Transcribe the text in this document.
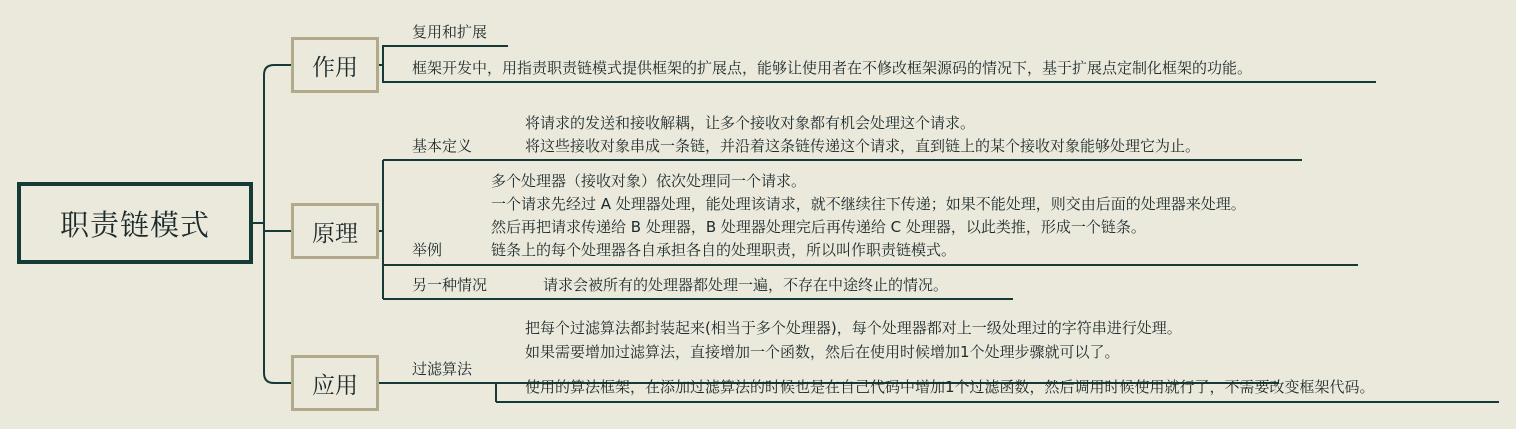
职责链模式
作用
原理
应用
复用和扩展
框架开发中，用指责职责链模式提供框架的扩展点，能够让使用者在不修改框架源码的情况下，基于扩展点定制化框架的功能。
基本定义
将请求的发送和接收解耦，让多个接收对象都有机会处理这个请求。
将这些接收对象串成一条链，并沿着这条链传递这个请求，直到链上的某个接收对象能够处理它为止。
举例
多个处理器（接收对象）依次处理同一个请求。
一个请求先经过 A 处理器处理，能处理该请求，就不继续往下传递；如果不能处理，则交由后面的处理器来处理。
然后再把请求传递给 B 处理器，B 处理器处理完后再传递给 C 处理器，以此类推，形成一个链条。
链条上的每个处理器各自承担各自的处理职责，所以叫作职责链模式。
另一种情况	请求会被所有的处理器都处理一遍，不存在中途终止的情况。
过滤算法
把每个过滤算法都封装起来(相当于多个处理器)，每个处理器都对上一级处理过的字符串进行处理。
如果需要增加过滤算法，直接增加一个函数，然后在使用时候增加1个处理步骤就可以了。
使用的算法框架，在添加过滤算法的时候也是在自己代码中增加1个过滤函数，然后调用时候使用就行了，不需要改变框架代码。
